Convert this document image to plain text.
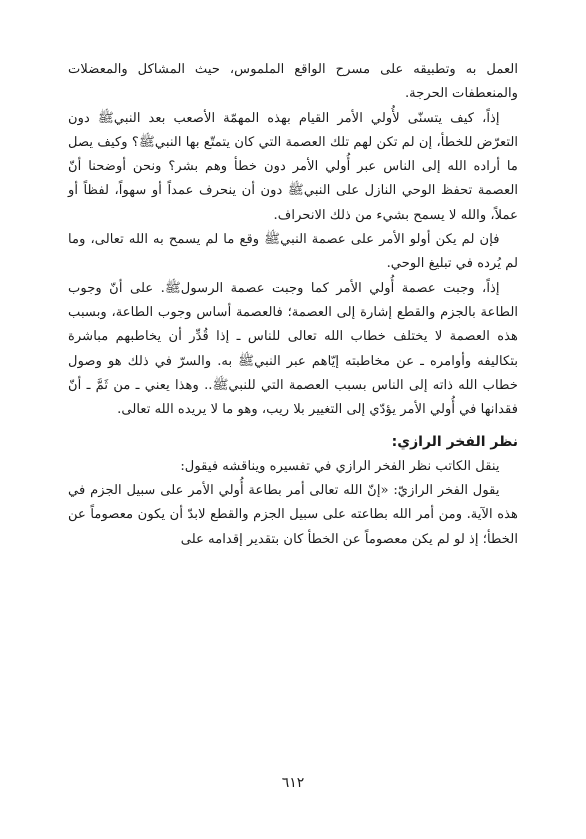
العمل به وتطبيقه على مسرح الواقع الملموس، حيث المشاكل والمعضلات والمنعطفات الحرجة.

إذاً، كيف يتسنّى لأُولي الأمر القيام بهذه المهمّة الأصعب بعد النبيﷺ دون التعرّض للخطأ، إن لم تكن لهم تلك العصمة التي كان يتمتّع بها النبيﷺ؟ وكيف يصل ما أراده الله إلى الناس عبر أُولي الأمر دون خطأ وهم بشر؟ ونحن أوضحنا أنّ العصمة تحفظ الوحي النازل على النبيﷺ دون أن ينحرف عمداً أو سهواً، لفظاً أو عملاً، والله لا يسمح بشيء من ذلك الانحراف.

فإن لم يكن أولو الأمر على عصمة النبيﷺ وقع ما لم يسمح به الله تعالى، وما لم يُرده في تبليغ الوحي.

إذاً، وجبت عصمة أُولي الأمر كما وجبت عصمة الرسولﷺ. على أنّ وجوب الطاعة بالجزم والقطع إشارة إلى العصمة؛ فالعصمة أساس وجوب الطاعة، وبسبب هذه العصمة لا يختلف خطاب الله تعالى للناس ـ إذا قُدِّر أن يخاطبهم مباشرة بتكاليفه وأوامره ـ عن مخاطبته إيّاهم عبر النبيﷺ به. والسرّ في ذلك هو وصول خطاب الله ذاته إلى الناس بسبب العصمة التي للنبيﷺ.. وهذا يعني ـ من ثَمَّ ـ أنّ فقدانها في أُولي الأمر يؤدّي إلى التغيير بلا ريب، وهو ما لا يريده الله تعالى.

نظر الفخر الرازي:

ينقل الكاتب نظر الفخر الرازي في تفسيره ويناقشه فيقول:

يقول الفخر الرازيّ: «إنّ الله تعالى أمر بطاعة أُولي الأمر على سبيل الجزم في هذه الآية. ومن أمر الله بطاعته على سبيل الجزم والقطع لابدّ أن يكون معصوماً عن الخطأ؛ إذ لو لم يكن معصوماً عن الخطأ كان بتقدير إقدامه على

٦١٢
